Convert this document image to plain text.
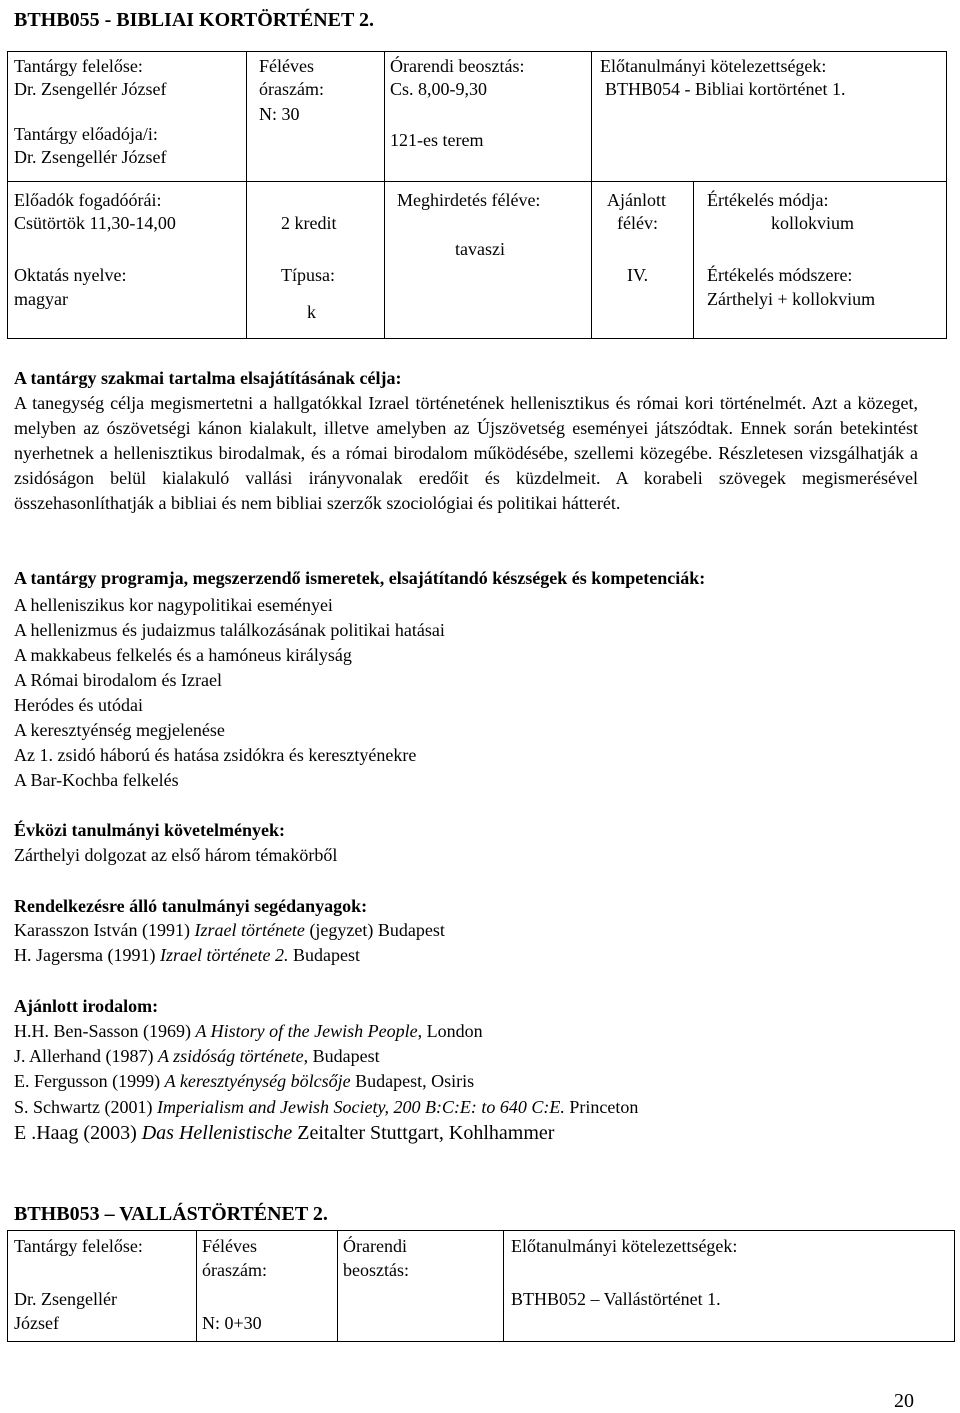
BTHB055 - BIBLIAI KORTÖRTÉNET 2.
Tantárgy felelőse:
Dr. Zsengellér József
Tantárgy előadója/i:
Dr. Zsengellér József
Féléves
óraszám:
N: 30
Órarendi beosztás:
Cs. 8,00-9,30
121-es terem
Előtanulmányi kötelezettségek:
BTHB054 - Bibliai kortörténet 1.
Előadók fogadóórái:
Csütörtök 11,30-14,00
Oktatás nyelve:
magyar
2 kredit
Típusa:
k
Meghirdetés féléve:
tavaszi
Ajánlott
félév:
IV.
Értékelés módja:
kollokvium
Értékelés módszere:
Zárthelyi + kollokvium
A tantárgy szakmai tartalma elsajátításának célja:
A tanegység célja megismertetni a hallgatókkal Izrael történetének hellenisztikus és római kori történelmét. Azt a közeget, melyben az ószövetségi kánon kialakult, illetve amelyben az Újszövetség eseményei játszódtak. Ennek során betekintést nyerhetnek a hellenisztikus birodalmak, és a római birodalom működésébe, szellemi közegébe. Részletesen vizsgálhatják a zsidóságon belül kialakuló vallási irányvonalak eredőit és küzdelmeit. A korabeli szövegek megismerésével összehasonlíthatják a bibliai és nem bibliai szerzők szociológiai és politikai hátterét.
A tantárgy programja, megszerzendő ismeretek, elsajátítandó készségek és kompetenciák:
A helleniszikus kor nagypolitikai eseményei
A hellenizmus és judaizmus találkozásának politikai hatásai
A makkabeus felkelés és a hamóneus királyság
A Római birodalom és Izrael
Heródes és utódai
A keresztyénség megjelenése
Az 1. zsidó háború és hatása zsidókra és keresztyénekre
A Bar-Kochba felkelés
Évközi tanulmányi követelmények:
Zárthelyi dolgozat az első három témakörből
Rendelkezésre álló tanulmányi segédanyagok:
Karasszon István (1991) Izrael története (jegyzet) Budapest
H. Jagersma (1991) Izrael története 2. Budapest
Ajánlott irodalom:
H.H. Ben-Sasson (1969) A History of the Jewish People, London
J. Allerhand (1987) A zsidóság története, Budapest
E. Fergusson (1999) A keresztyénység bölcsője Budapest, Osiris
S. Schwartz (2001) Imperialism and Jewish Society, 200 B:C:E: to 640 C:E. Princeton
E .Haag (2003) Das Hellenistische Zeitalter Stuttgart, Kohlhammer
BTHB053 – VALLÁSTÖRTÉNET 2.
Tantárgy felelőse:
Dr. Zsengellér
József
Féléves
óraszám:
N: 0+30
Órarendi
beosztás:
Előtanulmányi kötelezettségek:
BTHB052 – Vallástörténet 1.
20
